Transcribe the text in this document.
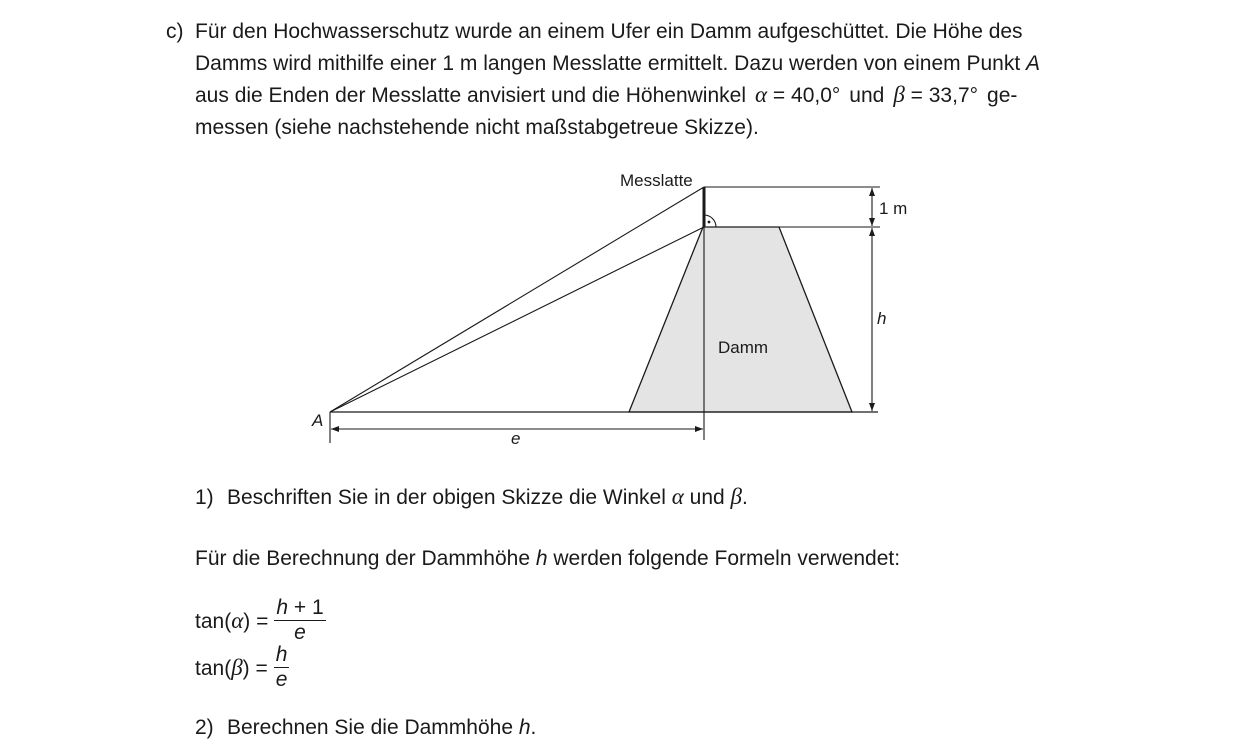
c) Für den Hochwasserschutz wurde an einem Ufer ein Damm aufgeschüttet. Die Höhe des
Damms wird mithilfe einer 1 m langen Messlatte ermittelt. Dazu werden von einem Punkt A
aus die Enden der Messlatte anvisiert und die Höhenwinkel α = 40,0° und β = 33,7° ge-
messen (siehe nachstehende nicht maßstabgetreue Skizze).
Messlatte
1 m
h
Damm
A
e
1) Beschriften Sie in der obigen Skizze die Winkel α und β.
Für die Berechnung der Dammhöhe h werden folgende Formeln verwendet:
$\tan(\alpha) = \frac{h + 1}{e}$
$\tan(\beta) = \frac{h}{e}$
2) Berechnen Sie die Dammhöhe h.
